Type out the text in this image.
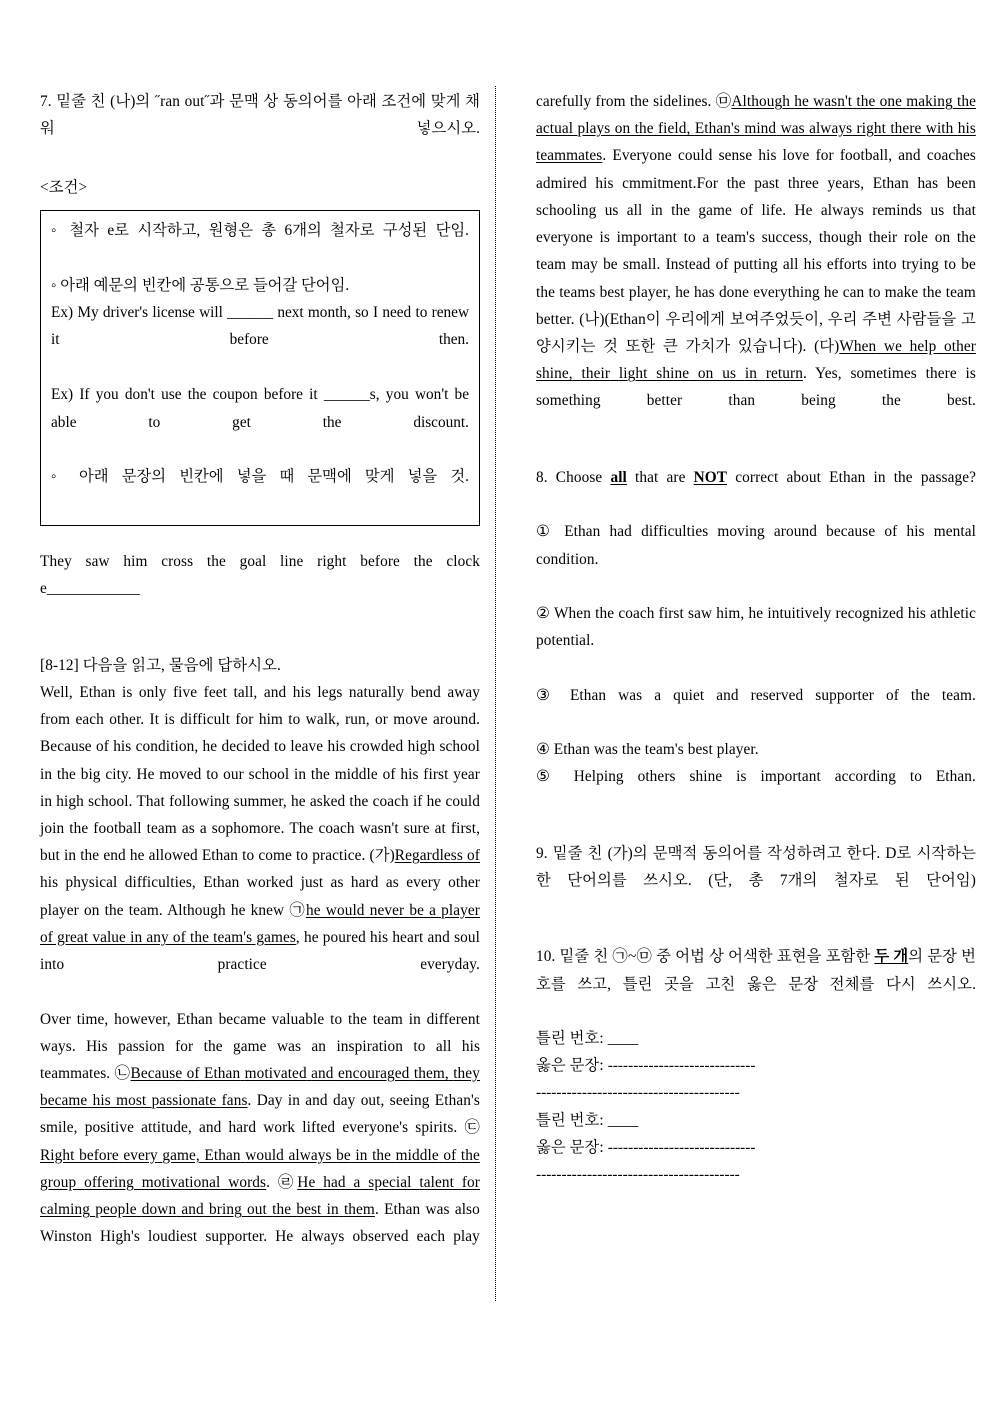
7. 밑줄 친 (나)의 ˝ran out˝과 문맥 상 동의어를 아래 조건에 맞게 채워 넣으시오.
<조건>
◦ 철자 e로 시작하고, 원형은 총 6개의 철자로 구성된 단임.
◦ 아래 예문의 빈칸에 공통으로 들어갈 단어임.
Ex) My driver's license will ______ next month, so I need to renew it before then.
Ex) If you don't use the coupon before it ______s, you won't be able to get the discount.
◦ 아래 문장의 빈칸에 넣을 때 문맥에 맞게 넣을 것.
They saw him cross the goal line right before the clock e____________
[8-12] 다음을 읽고, 물음에 답하시오.
Well, Ethan is only five feet tall, and his legs naturally bend away from each other. It is difficult for him to walk, run, or move around. Because of his condition, he decided to leave his crowded high school in the big city. He moved to our school in the middle of his first year in high school. That following summer, he asked the coach if he could join the football team as a sophomore. The coach wasn't sure at first, but in the end he allowed Ethan to come to practice. (가)Regardless of his physical difficulties, Ethan worked just as hard as every other player on the team. Although he knew ㉠he would never be a player of great value in any of the team's games, he poured his heart and soul into practice everyday.
Over time, however, Ethan became valuable to the team in different ways. His passion for the game was an inspiration to all his teammates. ㉡Because of Ethan motivated and encouraged them, they became his most passionate fans. Day in and day out, seeing Ethan's smile, positive attitude, and hard work lifted everyone's spirits. ㉢Right before every game, Ethan would always be in the middle of the group offering motivational words. ㉣He had a special talent for calming people down and bring out the best in them. Ethan was also Winston High's loudiest supporter. He always observed each play
carefully from the sidelines. ㉤Although he wasn't the one making the actual plays on the field, Ethan's mind was always right there with his teammates. Everyone could sense his love for football, and coaches admired his cmmitment.For the past three years, Ethan has been schooling us all in the game of life. He always reminds us that everyone is important to a team's success, though their role on the team may be small. Instead of putting all his efforts into trying to be the teams best player, he has done everything he can to make the team better. (나)(Ethan이 우리에게 보여주었듯이, 우리 주변 사람들을 고양시키는 것 또한 큰 가치가 있습니다). (다)When we help other shine, their light shine on us in return. Yes, sometimes there is something	better	than	being	the	best.
8. Choose all that are NOT correct about Ethan in the passage?
① Ethan had difficulties moving around because of his mental condition.
② When the coach first saw him, he intuitively recognized his athletic potential.
③ Ethan was a quiet and reserved supporter of the team.
④ Ethan was the team's best player.
⑤ Helping others shine is important according to Ethan.
9. 밑줄 친 (가)의 문맥적 동의어를 작성하려고 한다. D로 시작하는 한 단어의를 쓰시오. (단, 총 7개의 철자로 된 단어임)
10. 밑줄 친 ㉠~㉤ 중 어법 상 어색한 표현을 포함한 두 개의 문장 번호를 쓰고, 틀린 곳을 고친 옳은 문장 전체를 다시 쓰시오.
틀린 번호: ____
옳은 문장: -----------------------------
----------------------------------------
틀린 번호: ____
옳은 문장: -----------------------------
----------------------------------------
